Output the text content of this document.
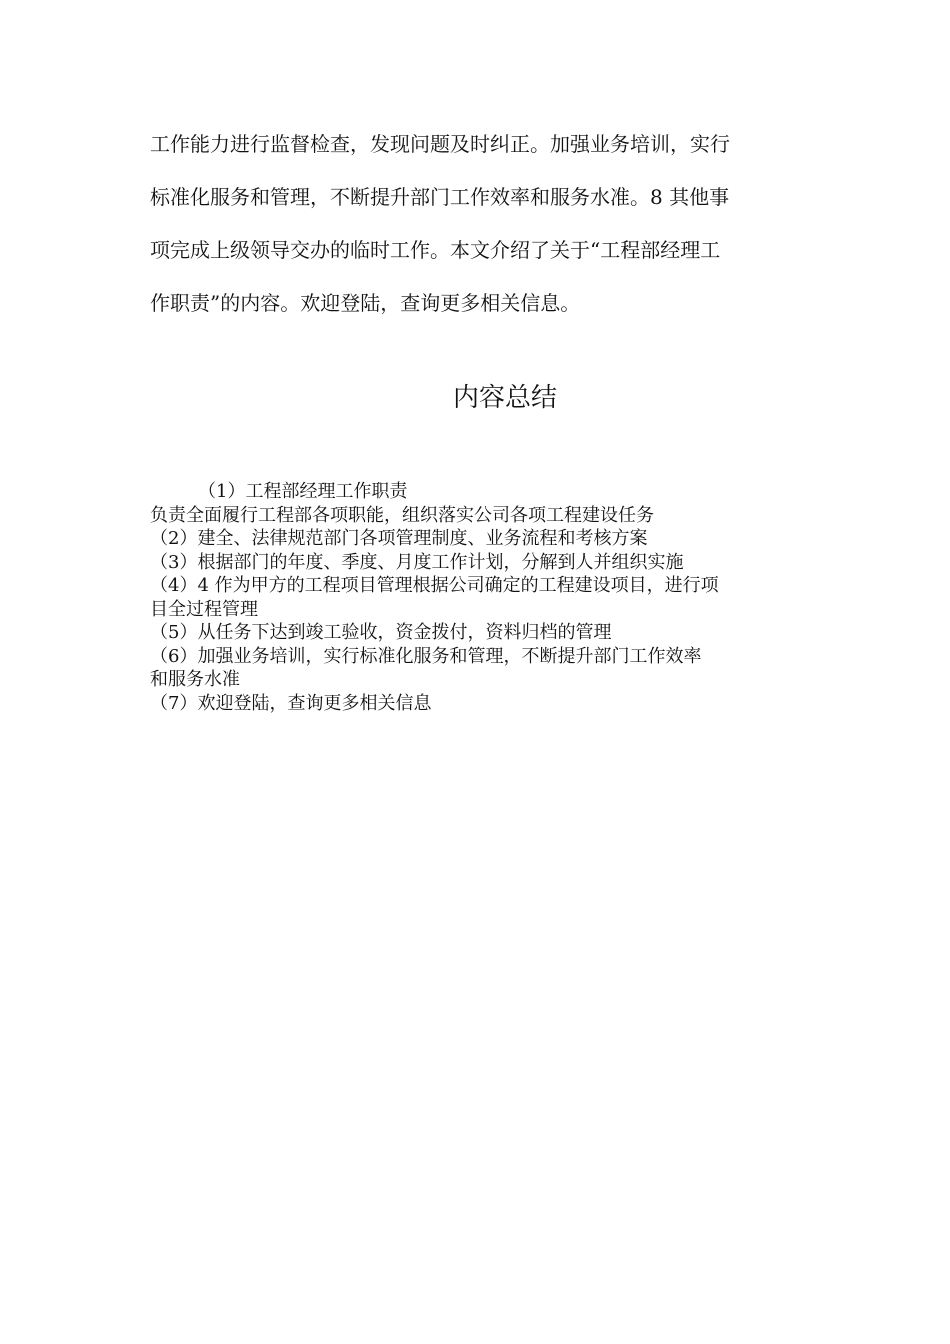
工作能力进行监督检查，发现问题及时纠正。加强业务培训，实行
标准化服务和管理，不断提升部门工作效率和服务水准。8 其他事
项完成上级领导交办的临时工作。本文介绍了关于“工程部经理工
作职责”的内容。欢迎登陆，查询更多相关信息。

内容总结
（1）工程部经理工作职责
负责全面履行工程部各项职能，组织落实公司各项工程建设任务
（2）建全、法律规范部门各项管理制度、业务流程和考核方案
（3）根据部门的年度、季度、月度工作计划，分解到人并组织实施
（4）4 作为甲方的工程项目管理根据公司确定的工程建设项目，进行项
目全过程管理
（5）从任务下达到竣工验收，资金拨付，资料归档的管理
（6）加强业务培训，实行标准化服务和管理，不断提升部门工作效率
和服务水准
（7）欢迎登陆，查询更多相关信息
